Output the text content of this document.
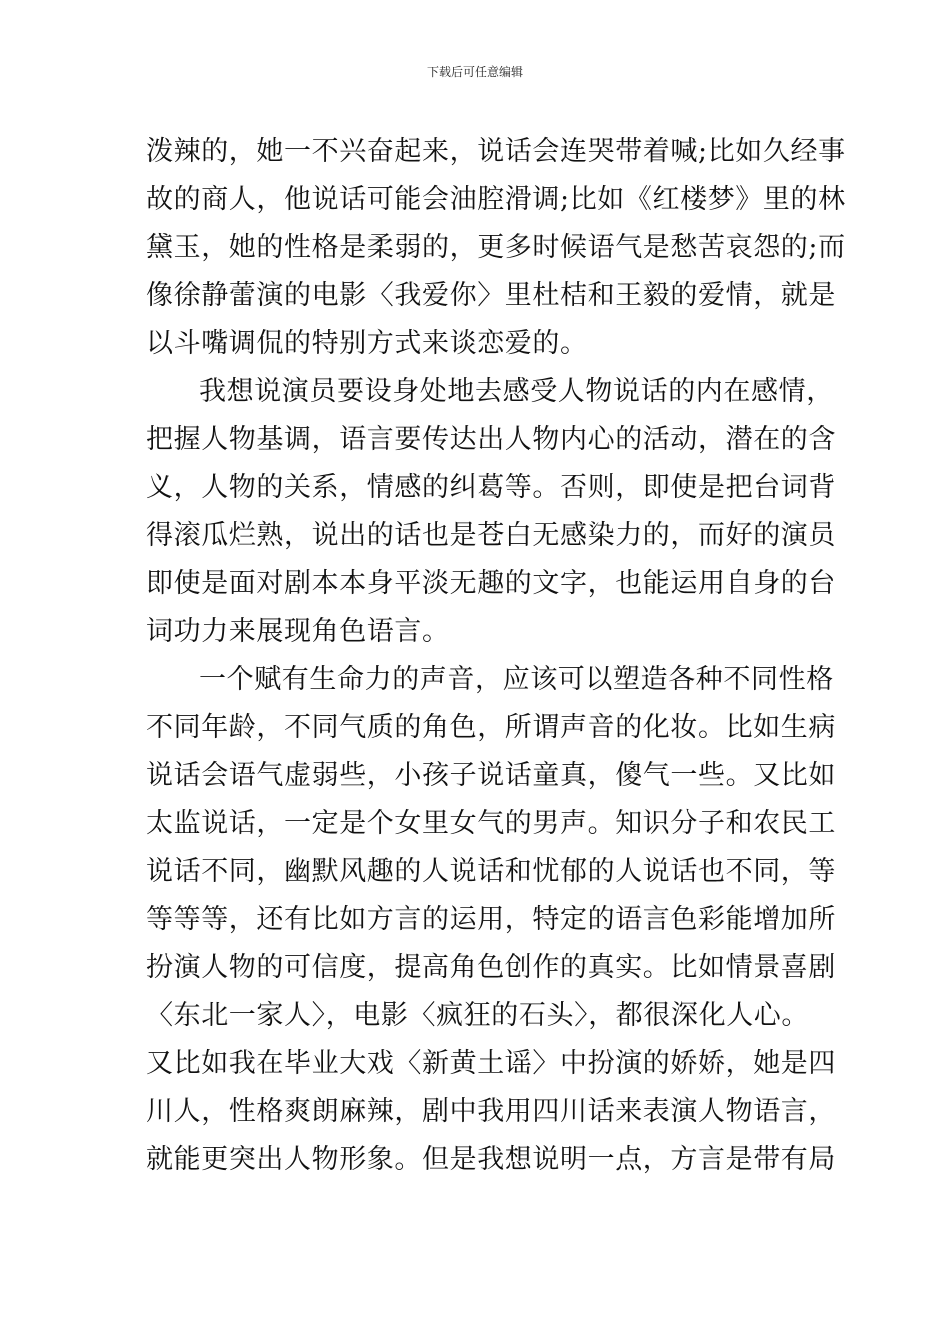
下载后可任意编辑
泼辣的，她一不兴奋起来，说话会连哭带着喊;比如久经事
故的商人，他说话可能会油腔滑调;比如《红楼梦》里的林
黛玉，她的性格是柔弱的，更多时候语气是愁苦哀怨的;而
像徐静蕾演的电影〈我爱你〉里杜桔和王毅的爱情，就是
以斗嘴调侃的特别方式来谈恋爱的。
我想说演员要设身处地去感受人物说话的内在感情，
把握人物基调，语言要传达出人物内心的活动，潜在的含
义，人物的关系，情感的纠葛等。否则，即使是把台词背
得滚瓜烂熟，说出的话也是苍白无感染力的，而好的演员
即使是面对剧本本身平淡无趣的文字，也能运用自身的台
词功力来展现角色语言。
一个赋有生命力的声音，应该可以塑造各种不同性格
不同年龄，不同气质的角色，所谓声音的化妆。比如生病
说话会语气虚弱些，小孩子说话童真，傻气一些。又比如
太监说话，一定是个女里女气的男声。知识分子和农民工
说话不同，幽默风趣的人说话和忧郁的人说话也不同，等
等等等，还有比如方言的运用，特定的语言色彩能增加所
扮演人物的可信度，提高角色创作的真实。比如情景喜剧
〈东北一家人〉，电影〈疯狂的石头〉，都很深化人心。
又比如我在毕业大戏〈新黄土谣〉中扮演的娇娇，她是四
川人，性格爽朗麻辣，剧中我用四川话来表演人物语言，
就能更突出人物形象。但是我想说明一点，方言是带有局
